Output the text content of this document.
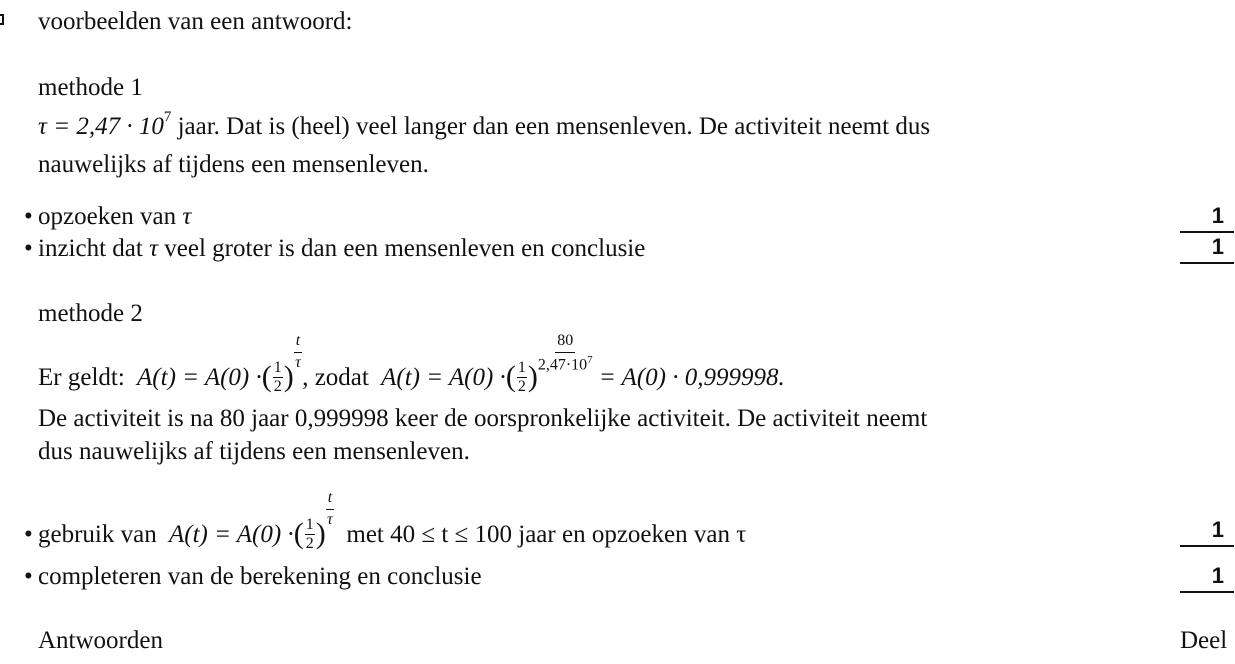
voorbeelden van een antwoord:
methode 1
$\tau = 2,47 \cdot 10^7$ jaar. Dat is (heel) veel langer dan een mensenleven. De activiteit neemt dus
nauwelijks af tijdens een mensenleven.
• opzoeken van τ	1
• inzicht dat τ veel groter is dan een mensenleven en conclusie	1
methode 2
Er geldt: A(t) = A(0) ·( $\frac{1}{2}$ )
$\frac{t}{\tau}$
, zodat A(t) = A(0) ·( $\frac{1}{2}$ )
$\frac{80}{2,47\cdot 10^7}$
= A(0) · 0,999998.
De activiteit is na 80 jaar 0,999998 keer de oorspronkelijke activiteit. De activiteit neemt
dus nauwelijks af tijdens een mensenleven.
• gebruik van A(t) = A(0) ·( $\frac{1}{2}$ )
$\frac{t}{\tau}$
met 40 ≤ t ≤ 100 jaar en opzoeken van τ	1
• completeren van de berekening en conclusie	1
Antwoorden	Deel
